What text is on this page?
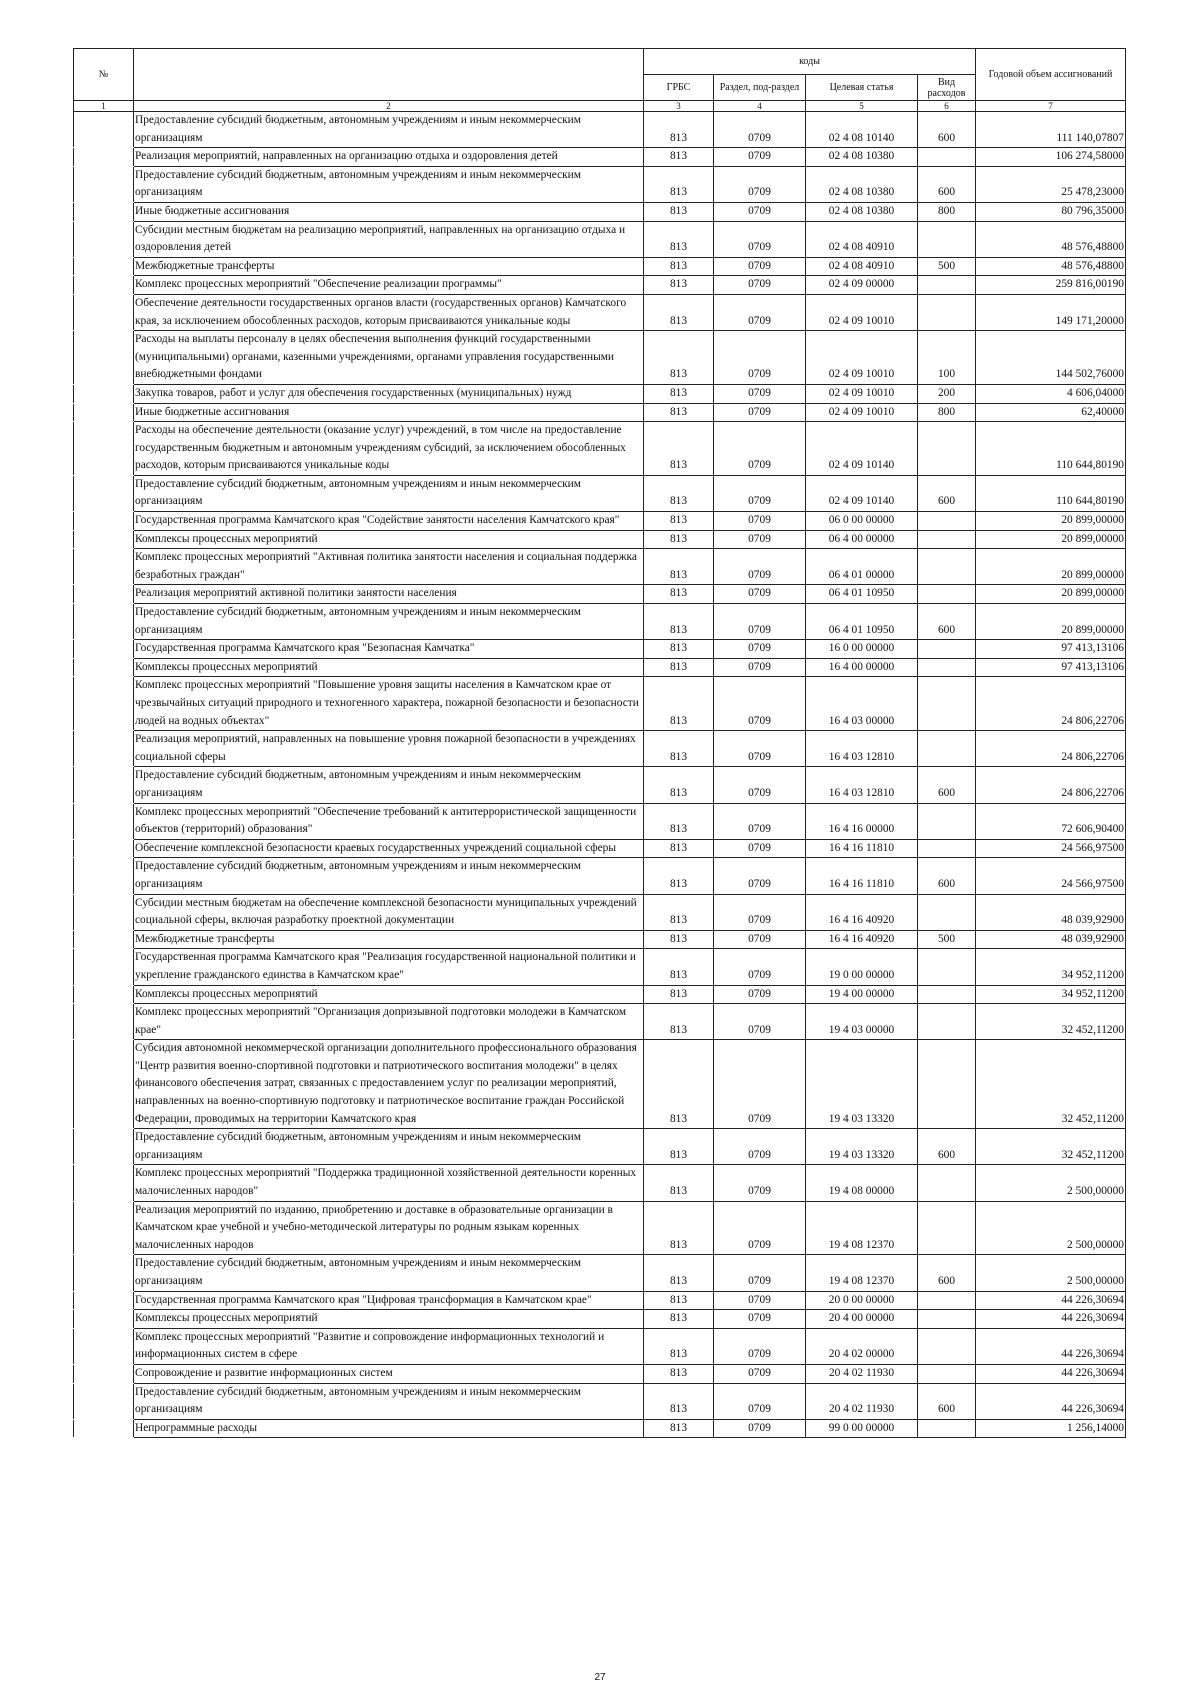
№		коды				Годовой объем ассигнований
		ГРБС	Раздел, под-раздел	Целевая статья	Вид расходов	
1	2	3	4	5	6	7
	Предоставление субсидий бюджетным, автономным учреждениям и иным некоммерческим организациям	813	0709	02 4 08 10140	600	111 140,07807
	Реализация мероприятий, направленных на организацию отдыха и оздоровления детей	813	0709	02 4 08 10380		106 274,58000
	Предоставление субсидий бюджетным, автономным учреждениям и иным некоммерческим организациям	813	0709	02 4 08 10380	600	25 478,23000
	Иные бюджетные ассигнования	813	0709	02 4 08 10380	800	80 796,35000
	Субсидии местным бюджетам на реализацию мероприятий, направленных на организацию отдыха и оздоровления детей	813	0709	02 4 08 40910		48 576,48800
	Межбюджетные трансферты	813	0709	02 4 08 40910	500	48 576,48800
	Комплекс процессных мероприятий "Обеспечение реализации программы"	813	0709	02 4 09 00000		259 816,00190
	Обеспечение деятельности государственных органов власти (государственных органов) Камчатского края, за исключением обособленных расходов, которым присваиваются уникальные коды	813	0709	02 4 09 10010		149 171,20000
	Расходы на выплаты персоналу в целях обеспечения выполнения функций государственными (муниципальными) органами, казенными учреждениями, органами управления государственными внебюджетными фондами	813	0709	02 4 09 10010	100	144 502,76000
	Закупка товаров, работ и услуг для обеспечения государственных (муниципальных) нужд	813	0709	02 4 09 10010	200	4 606,04000
	Иные бюджетные ассигнования	813	0709	02 4 09 10010	800	62,40000
	Расходы на обеспечение деятельности (оказание услуг) учреждений, в том числе на предоставление государственным бюджетным и автономным учреждениям субсидий, за исключением обособленных расходов, которым присваиваются уникальные коды	813	0709	02 4 09 10140		110 644,80190
	Предоставление субсидий бюджетным, автономным учреждениям и иным некоммерческим организациям	813	0709	02 4 09 10140	600	110 644,80190
	Государственная программа Камчатского края "Содействие занятости населения Камчатского края"	813	0709	06 0 00 00000		20 899,00000
	Комплексы процессных мероприятий	813	0709	06 4 00 00000		20 899,00000
	Комплекс процессных мероприятий "Активная политика занятости населения и социальная поддержка безработных граждан"	813	0709	06 4 01 00000		20 899,00000
	Реализация мероприятий активной политики занятости населения	813	0709	06 4 01 10950		20 899,00000
	Предоставление субсидий бюджетным, автономным учреждениям и иным некоммерческим организациям	813	0709	06 4 01 10950	600	20 899,00000
	Государственная программа Камчатского края "Безопасная Камчатка"	813	0709	16 0 00 00000		97 413,13106
	Комплексы процессных мероприятий	813	0709	16 4 00 00000		97 413,13106
	Комплекс процессных мероприятий "Повышение уровня защиты населения в Камчатском крае от чрезвычайных ситуаций природного и техногенного характера, пожарной безопасности и безопасности людей на водных объектах"	813	0709	16 4 03 00000		24 806,22706
	Реализация мероприятий, направленных на повышение уровня пожарной безопасности в учреждениях социальной сферы	813	0709	16 4 03 12810		24 806,22706
	Предоставление субсидий бюджетным, автономным учреждениям и иным некоммерческим организациям	813	0709	16 4 03 12810	600	24 806,22706
	Комплекс процессных мероприятий "Обеспечение требований к антитеррористической защищенности объектов (территорий) образования"	813	0709	16 4 16 00000		72 606,90400
	Обеспечение комплексной безопасности краевых государственных учреждений социальной сферы	813	0709	16 4 16 11810		24 566,97500
	Предоставление субсидий бюджетным, автономным учреждениям и иным некоммерческим организациям	813	0709	16 4 16 11810	600	24 566,97500
	Субсидии местным бюджетам на обеспечение комплексной безопасности муниципальных учреждений социальной сферы, включая разработку проектной документации	813	0709	16 4 16 40920		48 039,92900
	Межбюджетные трансферты	813	0709	16 4 16 40920	500	48 039,92900
	Государственная программа Камчатского края "Реализация государственной национальной политики и укрепление гражданского единства в Камчатском крае"	813	0709	19 0 00 00000		34 952,11200
	Комплексы процессных мероприятий	813	0709	19 4 00 00000		34 952,11200
	Комплекс процессных мероприятий "Организация допризывной подготовки молодежи в Камчатском крае"	813	0709	19 4 03 00000		32 452,11200
	Субсидия автономной некоммерческой организации дополнительного профессионального образования "Центр развития военно-спортивной подготовки и патриотического воспитания молодежи" в целях финансового обеспечения затрат, связанных с предоставлением услуг по реализации мероприятий, направленных на военно-спортивную подготовку и патриотическое воспитание граждан Российской Федерации, проводимых на территории Камчатского края	813	0709	19 4 03 13320		32 452,11200
	Предоставление субсидий бюджетным, автономным учреждениям и иным некоммерческим организациям	813	0709	19 4 03 13320	600	32 452,11200
	Комплекс процессных мероприятий "Поддержка традиционной хозяйственной деятельности коренных малочисленных народов"	813	0709	19 4 08 00000		2 500,00000
	Реализация мероприятий по изданию, приобретению и доставке в образовательные организации в Камчатском крае учебной и учебно-методической литературы по родным языкам коренных малочисленных народов	813	0709	19 4 08 12370		2 500,00000
	Предоставление субсидий бюджетным, автономным учреждениям и иным некоммерческим организациям	813	0709	19 4 08 12370	600	2 500,00000
	Государственная программа Камчатского края "Цифровая трансформация в Камчатском крае"	813	0709	20 0 00 00000		44 226,30694
	Комплексы процессных мероприятий	813	0709	20 4 00 00000		44 226,30694
	Комплекс процессных мероприятий "Развитие и сопровождение информационных технологий и информационных систем в сфере	813	0709	20 4 02 00000		44 226,30694
	Сопровождение и развитие информационных систем	813	0709	20 4 02 11930		44 226,30694
	Предоставление субсидий бюджетным, автономным учреждениям и иным некоммерческим организациям	813	0709	20 4 02 11930	600	44 226,30694
	Непрограммные расходы	813	0709	99 0 00 00000		1 256,14000
27
